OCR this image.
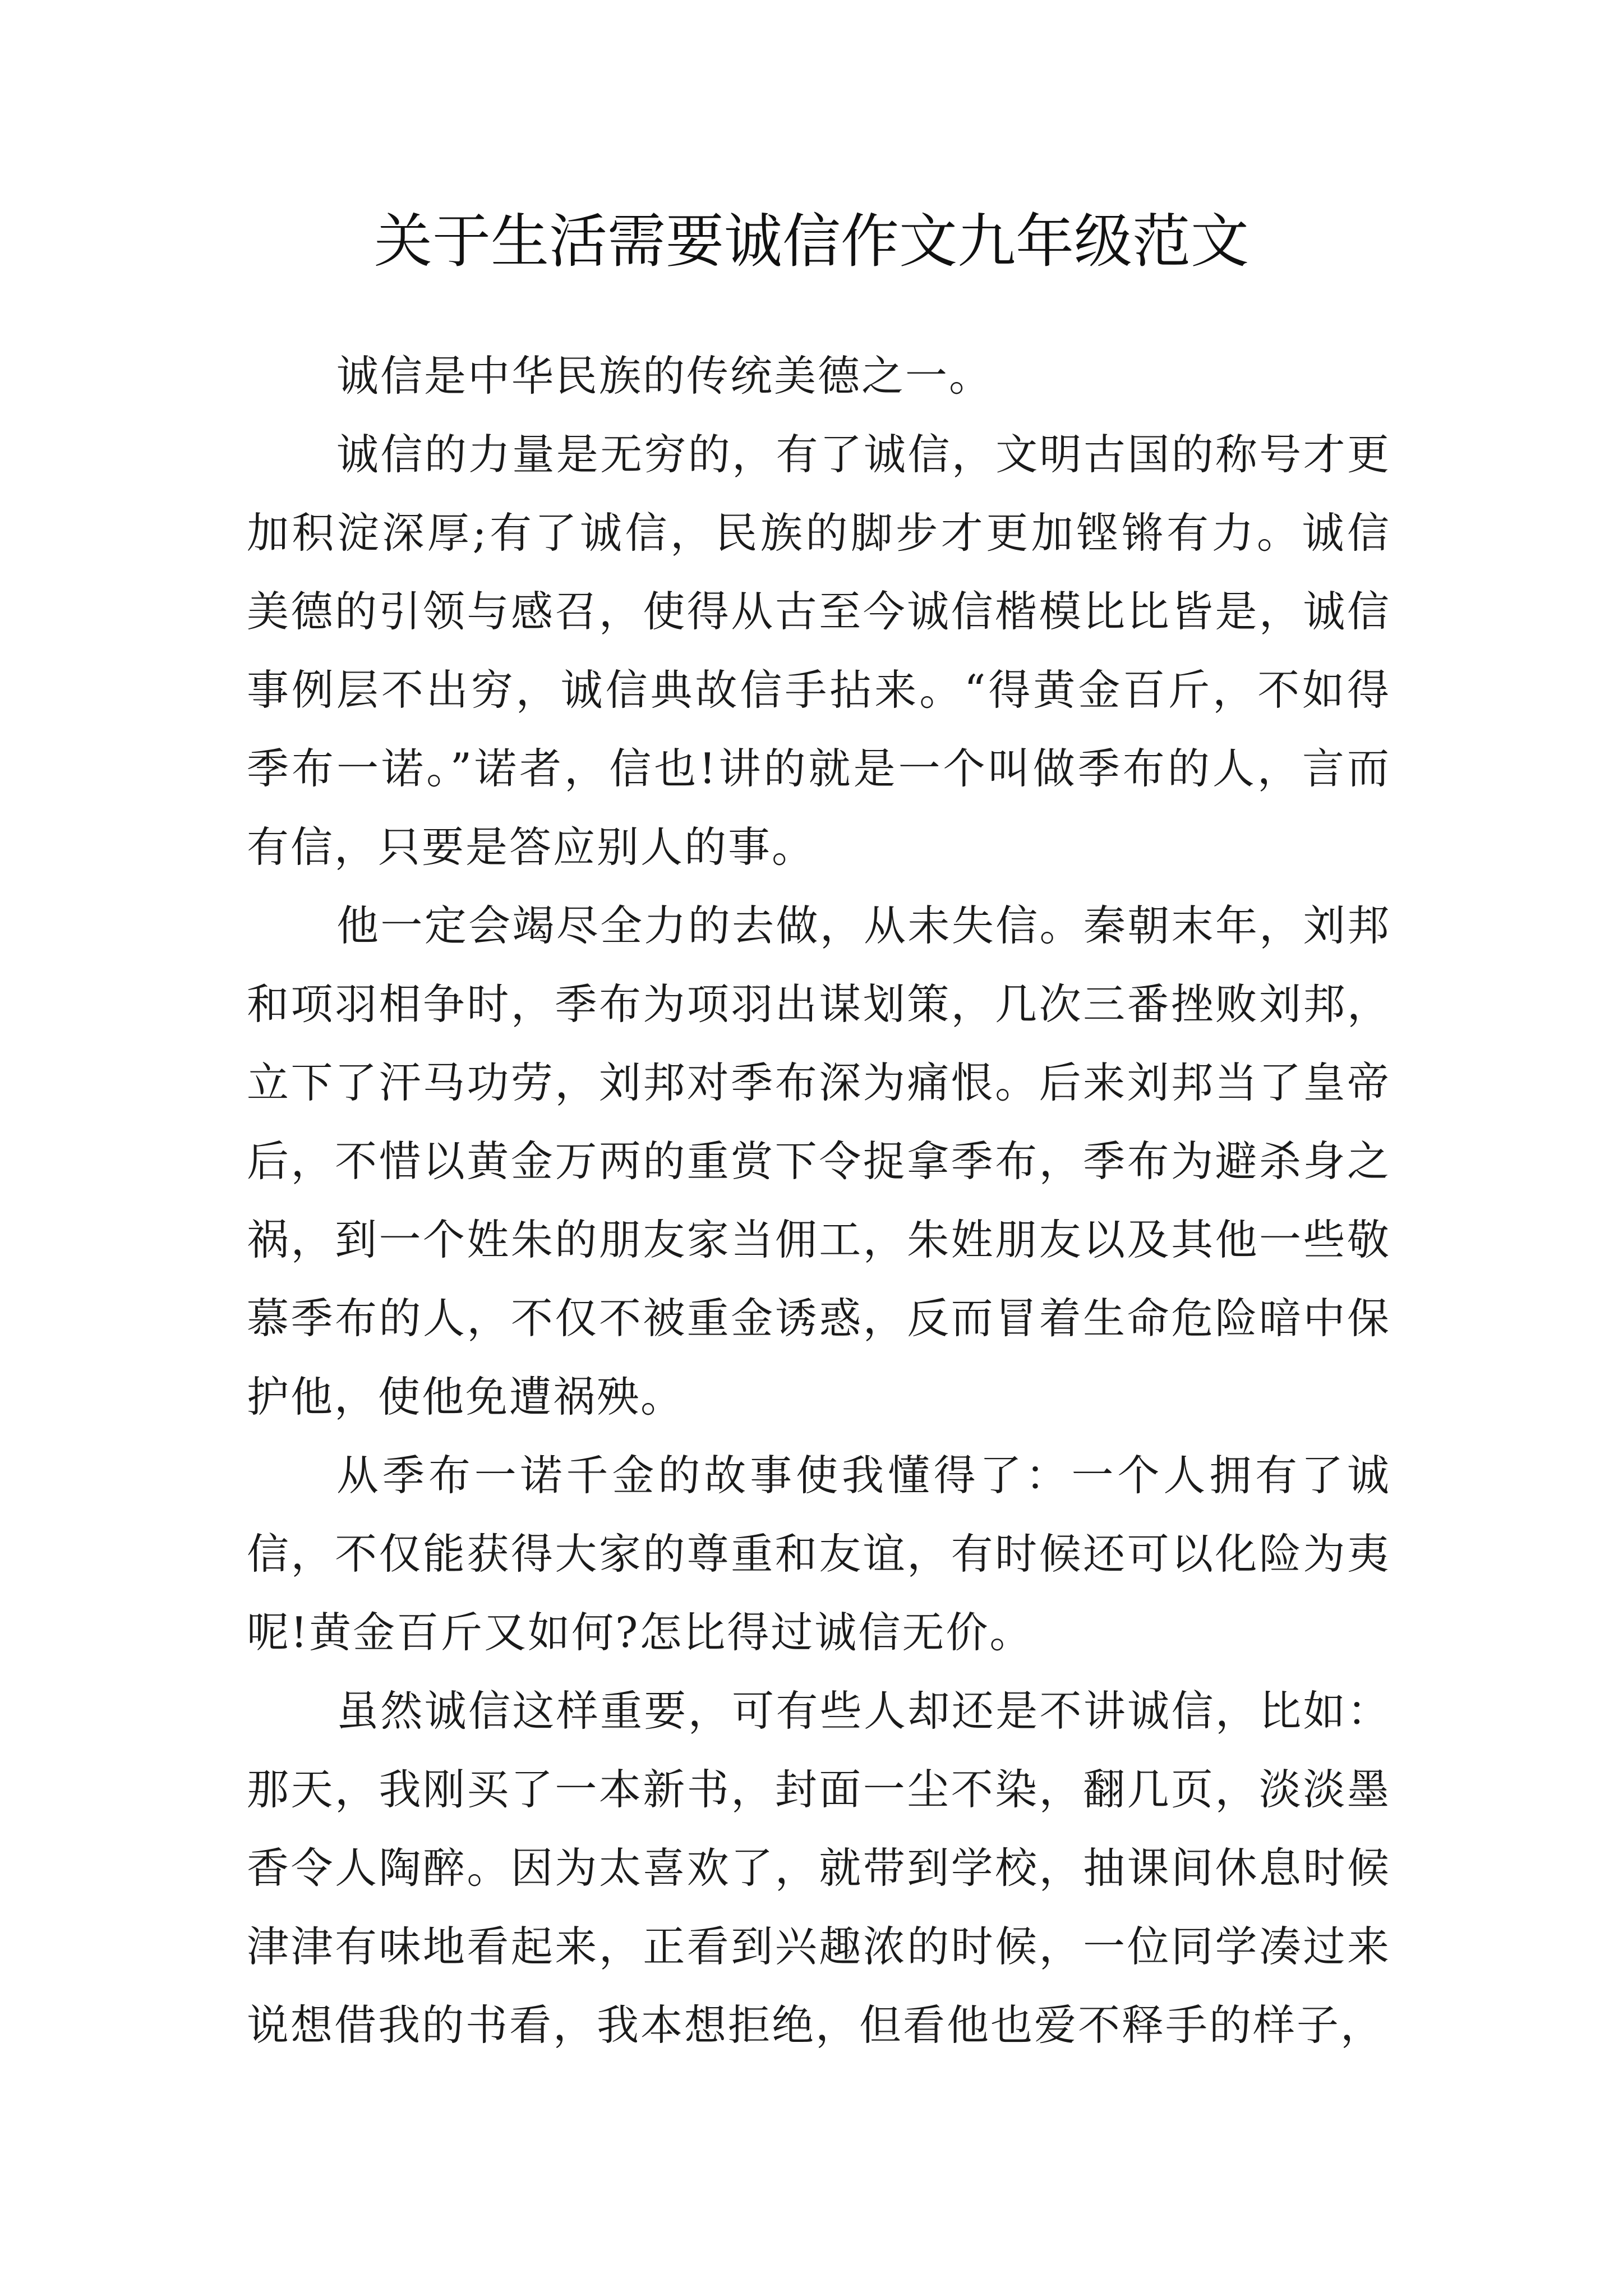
关于生活需要诚信作文九年级范文

诚信是中华民族的传统美德之一。

诚信的力量是无穷的，有了诚信，文明古国的称号才更加积淀深厚;有了诚信，民族的脚步才更加铿锵有力。诚信美德的引领与感召，使得从古至今诚信楷模比比皆是，诚信事例层不出穷，诚信典故信手拈来。“得黄金百斤，不如得季布一诺。”诺者，信也!讲的就是一个叫做季布的人，言而有信，只要是答应别人的事。

他一定会竭尽全力的去做，从未失信。秦朝末年，刘邦和项羽相争时，季布为项羽出谋划策，几次三番挫败刘邦，立下了汗马功劳，刘邦对季布深为痛恨。后来刘邦当了皇帝后，不惜以黄金万两的重赏下令捉拿季布，季布为避杀身之祸，到一个姓朱的朋友家当佣工，朱姓朋友以及其他一些敬慕季布的人，不仅不被重金诱惑，反而冒着生命危险暗中保护他，使他免遭祸殃。

从季布一诺千金的故事使我懂得了：一个人拥有了诚信，不仅能获得大家的尊重和友谊，有时候还可以化险为夷呢!黄金百斤又如何?怎比得过诚信无价。

虽然诚信这样重要，可有些人却还是不讲诚信，比如：那天，我刚买了一本新书，封面一尘不染，翻几页，淡淡墨香令人陶醉。因为太喜欢了，就带到学校，抽课间休息时候津津有味地看起来，正看到兴趣浓的时候，一位同学凑过来说想借我的书看，我本想拒绝，但看他也爱不释手的样子，
